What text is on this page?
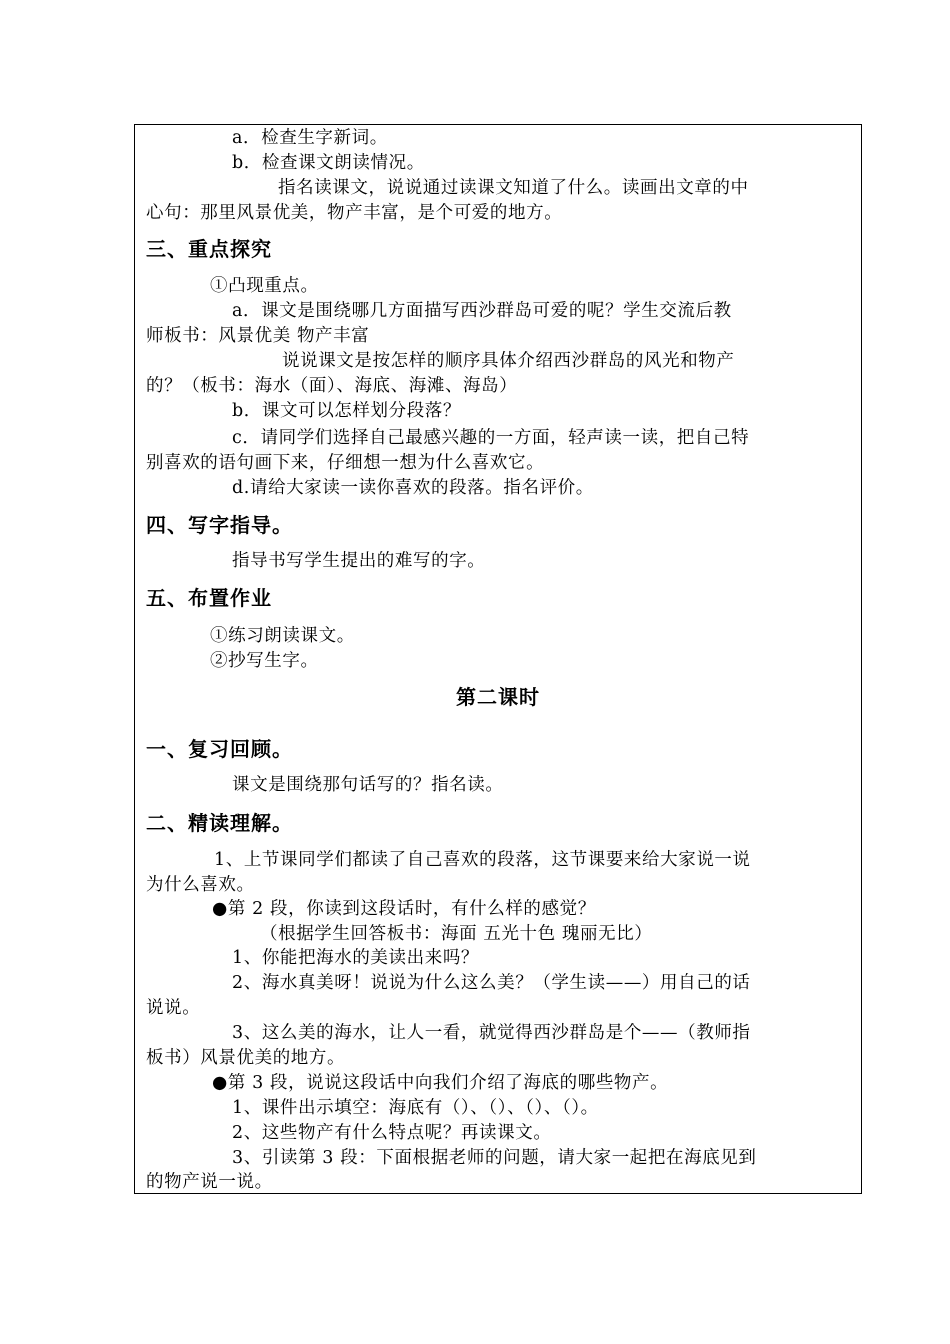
a．检查生字新词。
b．检查课文朗读情况。
指名读课文，说说通过读课文知道了什么。读画出文章的中
心句：那里风景优美，物产丰富，是个可爱的地方。
三、重点探究
①凸现重点。
a．课文是围绕哪几方面描写西沙群岛可爱的呢？学生交流后教
师板书：风景优美 物产丰富
说说课文是按怎样的顺序具体介绍西沙群岛的风光和物产
的？（板书：海水（面）、海底、海滩、海岛）
b．课文可以怎样划分段落？
c．请同学们选择自己最感兴趣的一方面，轻声读一读，把自己特
别喜欢的语句画下来，仔细想一想为什么喜欢它。
d.请给大家读一读你喜欢的段落。指名评价。
四、写字指导。
指导书写学生提出的难写的字。
五、布置作业
①练习朗读课文。
②抄写生字。
第二课时
一、复习回顾。
课文是围绕那句话写的？指名读。
二、精读理解。
1、上节课同学们都读了自己喜欢的段落，这节课要来给大家说一说
为什么喜欢。
●第 2 段，你读到这段话时，有什么样的感觉？
（根据学生回答板书：海面 五光十色 瑰丽无比）
1、你能把海水的美读出来吗？
2、海水真美呀！说说为什么这么美？（学生读——）用自己的话
说说。
3、这么美的海水，让人一看，就觉得西沙群岛是个——（教师指
板书）风景优美的地方。
●第 3 段，说说这段话中向我们介绍了海底的哪些物产。
1、课件出示填空：海底有（）、（）、（）、（）。
2、这些物产有什么特点呢？再读课文。
3、引读第 3 段：下面根据老师的问题，请大家一起把在海底见到
的物产说一说。
